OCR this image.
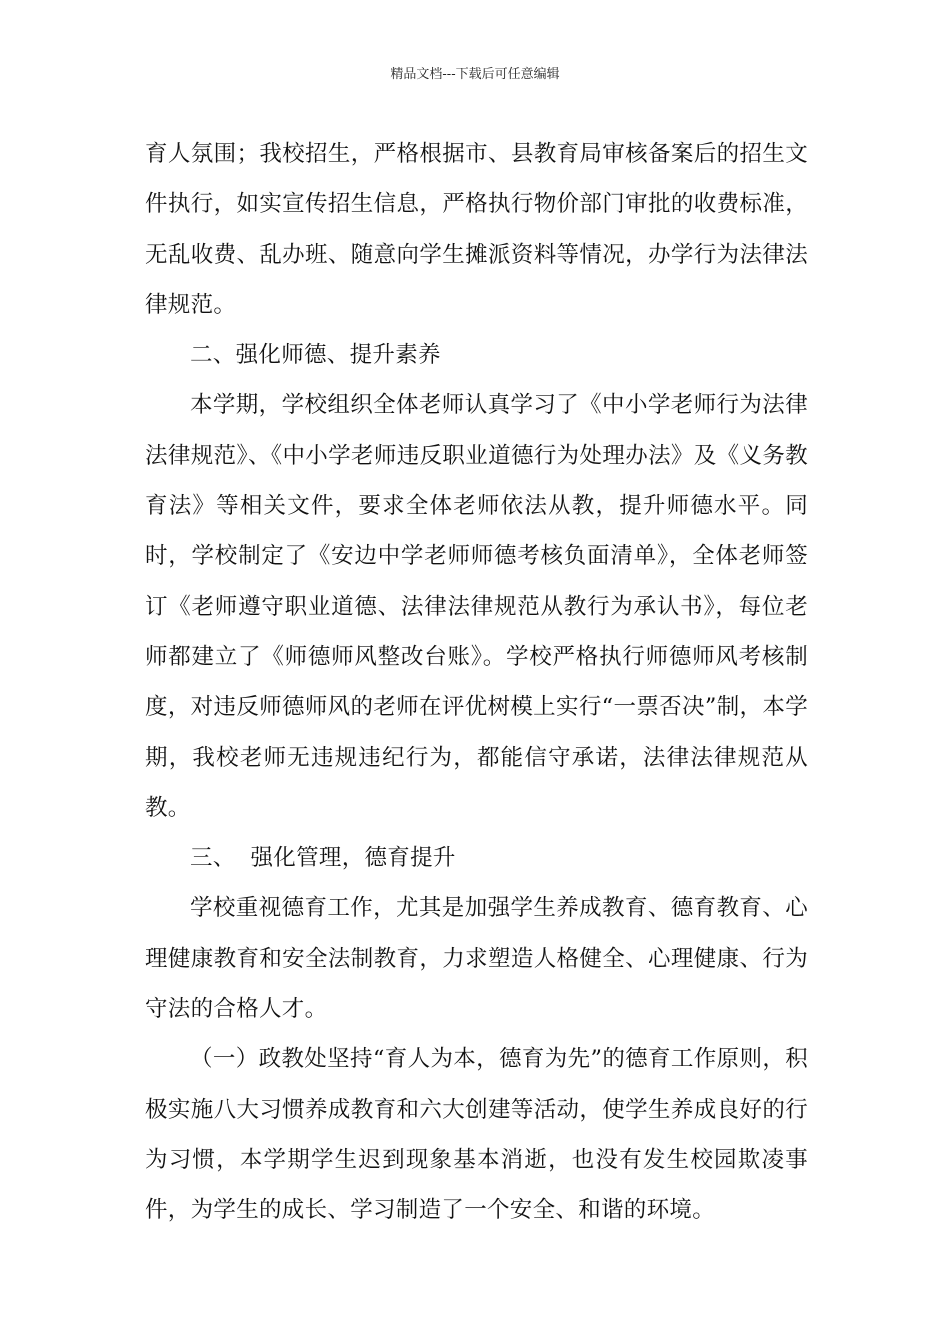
精品文档---下载后可任意编辑

育人氛围；我校招生，严格根据市、县教育局审核备案后的招生文件执行，如实宣传招生信息，严格执行物价部门审批的收费标准，无乱收费、乱办班、随意向学生摊派资料等情况，办学行为法律法律规范。

二、强化师德、提升素养

本学期，学校组织全体老师认真学习了《中小学老师行为法律法律规范》、《中小学老师违反职业道德行为处理办法》及《义务教育法》等相关文件，要求全体老师依法从教，提升师德水平。同时，学校制定了《安边中学老师师德考核负面清单》，全体老师签订《老师遵守职业道德、法律法律规范从教行为承认书》，每位老师都建立了《师德师风整改台账》。学校严格执行师德师风考核制度，对违反师德师风的老师在评优树模上实行“一票否决”制，本学期，我校老师无违规违纪行为，都能信守承诺，法律法律规范从教。

三、  强化管理，德育提升

学校重视德育工作，尤其是加强学生养成教育、德育教育、心理健康教育和安全法制教育，力求塑造人格健全、心理健康、行为守法的合格人才。

（一）政教处坚持“育人为本，德育为先”的德育工作原则，积极实施八大习惯养成教育和六大创建等活动，使学生养成良好的行为习惯，本学期学生迟到现象基本消逝，也没有发生校园欺凌事件，为学生的成长、学习制造了一个安全、和谐的环境。
